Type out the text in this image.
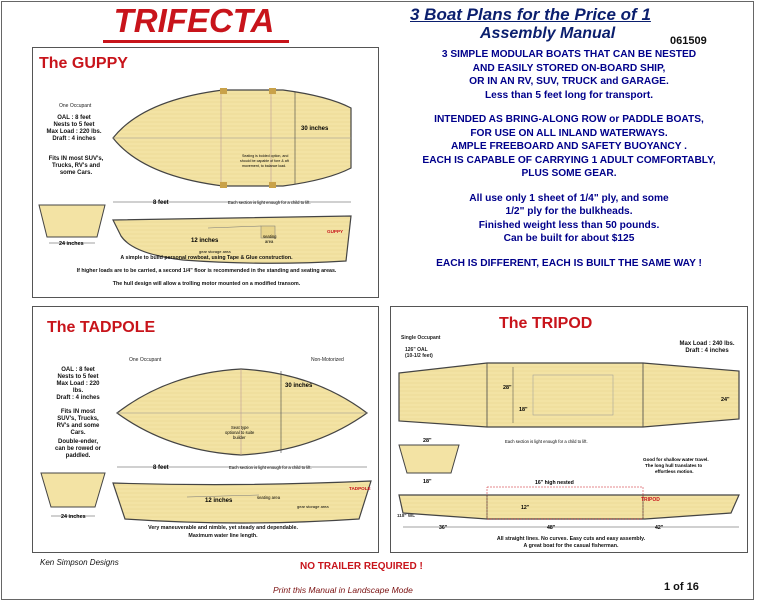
TRIFECTA	3 Boat Plans for the Price of 1
Assembly Manual	061509
The GUPPY
One Occupant
OAL : 8 feet
Nests to 5 feet
Max Load : 220 lbs.
Draft : 4 inches
Fits IN most SUV's,
Trucks, RV's and
some Cars.
30 inches
Seating is bolded option, and
should be capable of fore & aft
movement, to balance load.
8 feet	Each section is light enough for a child to lift.
12 inches
seating
area
GUPPY
gear storage area
24 inches
A simple to build personal rowboat, using Tape & Glue construction.
If higher loads are to be carried, a second 1/4" floor is recommended in the standing and seating areas.
The hull design will allow a trolling motor mounted on a modified transom.

3 SIMPLE MODULAR BOATS THAT CAN BE NESTED
AND EASILY STORED ON-BOARD SHIP,
OR IN AN RV, SUV, TRUCK and GARAGE.
Less than 5 feet long for transport.

INTENDED AS BRING-ALONG ROW or PADDLE BOATS,
FOR USE ON ALL INLAND WATERWAYS.
AMPLE FREEBOARD AND SAFETY BUOYANCY .
EACH IS CAPABLE OF CARRYING 1 ADULT COMFORTABLY,
PLUS SOME GEAR.

All use only 1 sheet of 1/4" ply, and some
1/2" ply for the bulkheads.
Finished weight less than 50 pounds.
Can be built for about $125

EACH IS DIFFERENT, EACH IS BUILT THE SAME WAY !

The TADPOLE
One Occupant	Non-Motorized
OAL : 8 feet
Nests to 5 feet
Max Load : 220
lbs.
Draft : 4 inches
Fits IN most
SUV's, Trucks,
RV's and some
Cars.
Double-ender,
can be rowed or
paddled.
30 inches
Seat type
optional to suite
builder
8 feet	Each section is light enough for a child to lift.
12 inches
seating area
gear storage area
TADPOLE
24 inches
Very maneuverable and nimble, yet steady and dependable.
Maximum water line length.
The TRIPOD
Single Occupant
126" OAL
(10-1/2 feet)
Max Load : 240 lbs.
Draft : 4 inches
28"
18"
24"
28"
18"
Each section is light enough for a child to lift.
Good for shallow water travel.
The long hull translates to
effortless motion.
16" high nested
12"
TRIPOD
118" WL
36"	48"	42"
All straight lines. No curves. Easy cuts and easy assembly.
A great boat for the casual fisherman.
Ken Simpson Designs	NO TRAILER REQUIRED !
Print this Manual in Landscape Mode	1 of 16
